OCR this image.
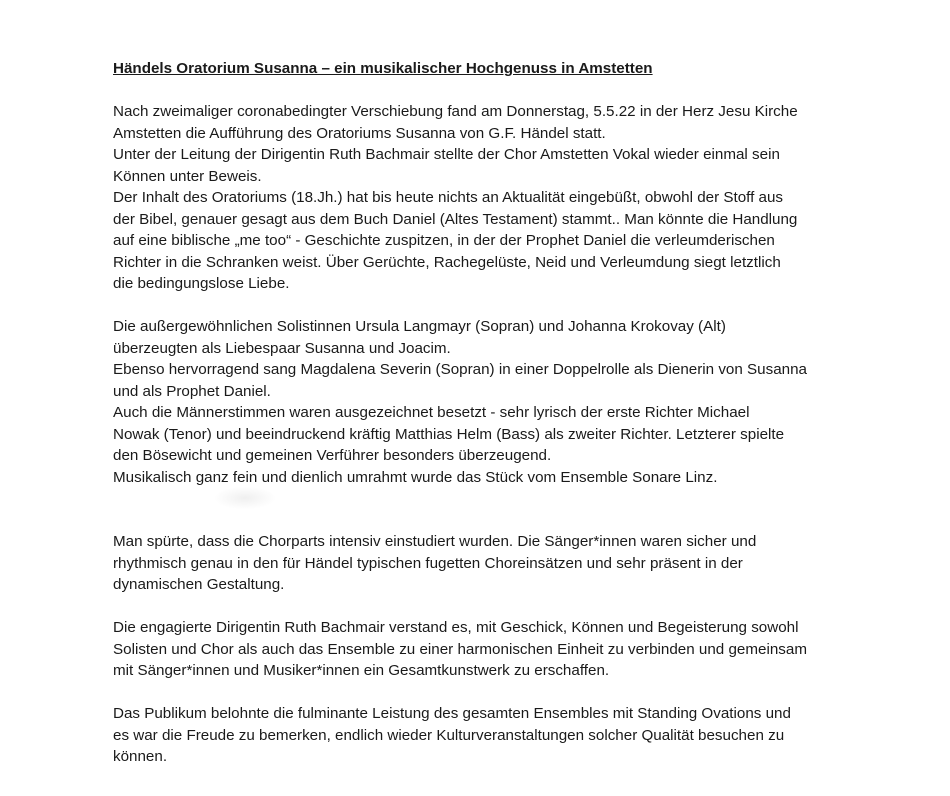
Händels Oratorium Susanna – ein musikalischer Hochgenuss in Amstetten
Nach zweimaliger coronabedingter Verschiebung fand am Donnerstag, 5.5.22 in der Herz Jesu Kirche
Amstetten die Aufführung des Oratoriums Susanna von G.F. Händel statt.
Unter der Leitung der Dirigentin Ruth Bachmair stellte der Chor Amstetten Vokal wieder einmal sein
Können unter Beweis.
Der Inhalt des Oratoriums (18.Jh.) hat bis heute nichts an Aktualität eingebüßt, obwohl der Stoff aus
der Bibel, genauer gesagt aus dem Buch Daniel (Altes Testament) stammt.. Man könnte die Handlung
auf eine biblische „me too“ - Geschichte zuspitzen, in der der Prophet Daniel die verleumderischen
Richter in die Schranken weist. Über Gerüchte, Rachegelüste, Neid und Verleumdung siegt letztlich
die bedingungslose Liebe.
Die außergewöhnlichen Solistinnen Ursula Langmayr (Sopran) und Johanna Krokovay (Alt)
überzeugten als Liebespaar Susanna und Joacim.
Ebenso hervorragend sang Magdalena Severin (Sopran) in einer Doppelrolle als Dienerin von Susanna
und als Prophet Daniel.
Auch die Männerstimmen waren ausgezeichnet besetzt - sehr lyrisch der erste Richter Michael
Nowak (Tenor) und beeindruckend kräftig Matthias Helm (Bass) als zweiter Richter. Letzterer spielte
den Bösewicht und gemeinen Verführer besonders überzeugend.
Musikalisch ganz fein und dienlich umrahmt wurde das Stück vom Ensemble Sonare Linz.
Man spürte, dass die Chorparts intensiv einstudiert wurden. Die Sänger*innen waren sicher und
rhythmisch genau in den für Händel typischen fugetten Choreinsätzen und sehr präsent in der
dynamischen Gestaltung.
Die engagierte Dirigentin Ruth Bachmair verstand es, mit Geschick, Können und Begeisterung sowohl
Solisten und Chor als auch das Ensemble zu einer harmonischen Einheit zu verbinden und gemeinsam
mit Sänger*innen und Musiker*innen ein Gesamtkunstwerk zu erschaffen.
Das Publikum belohnte die fulminante Leistung des gesamten Ensembles mit Standing Ovations und
es war die Freude zu bemerken, endlich wieder Kulturveranstaltungen solcher Qualität besuchen zu
können.
